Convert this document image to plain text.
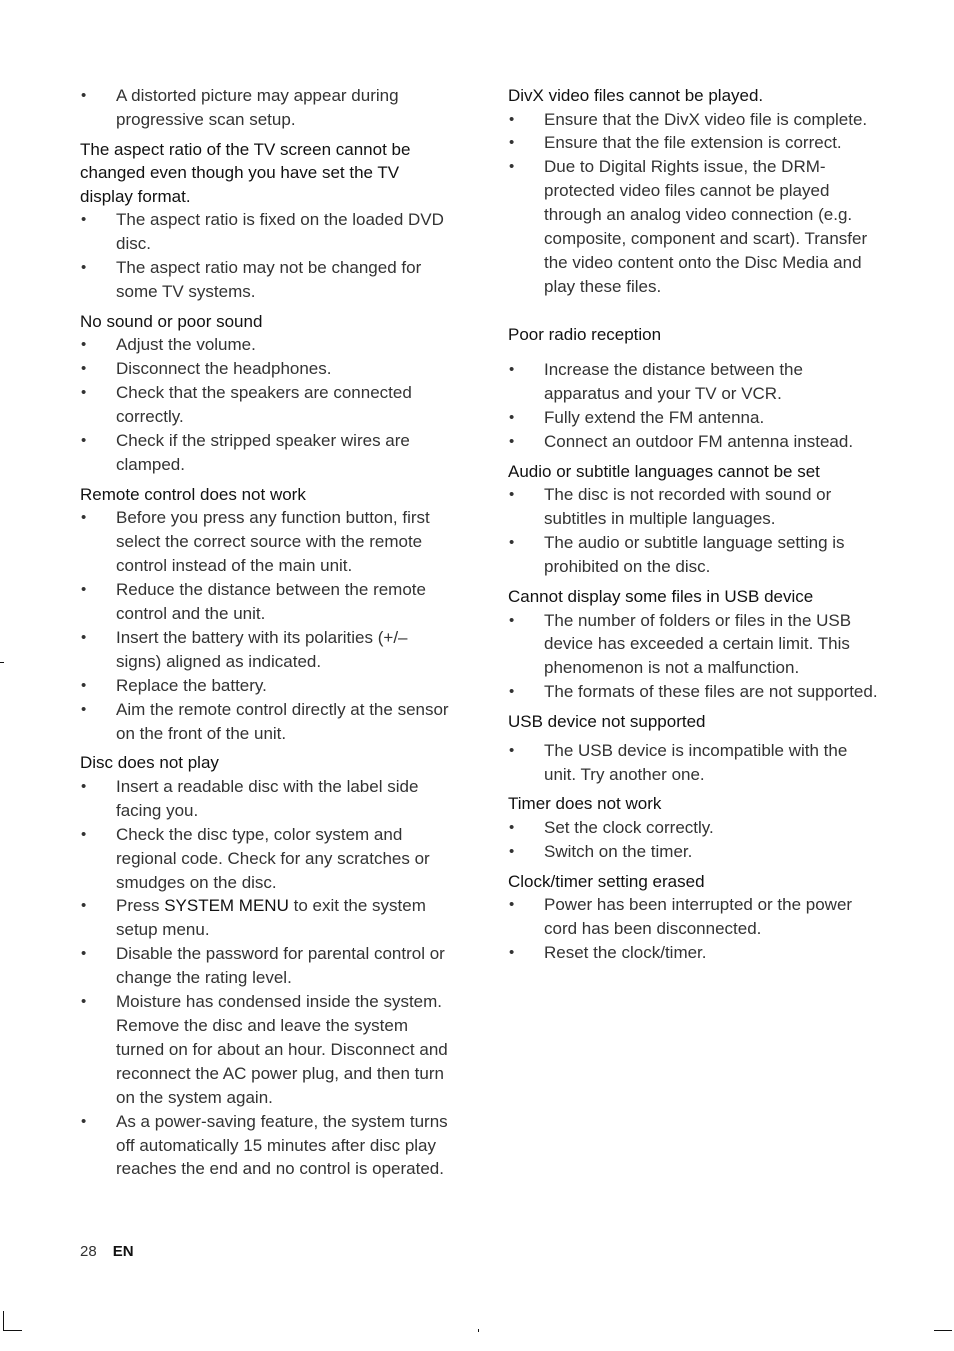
• A distorted picture may appear during progressive scan setup.

The aspect ratio of the TV screen cannot be changed even though you have set the TV display format.

• The aspect ratio is fixed on the loaded DVD disc.
• The aspect ratio may not be changed for some TV systems.

No sound or poor sound

• Adjust the volume.
• Disconnect the headphones.
• Check that the speakers are connected correctly.
• Check if the stripped speaker wires are clamped.

Remote control does not work

• Before you press any function button, first select the correct source with the remote control instead of the main unit.
• Reduce the distance between the remote control and the unit.
• Insert the battery with its polarities (+/– signs) aligned as indicated.
• Replace the battery.
• Aim the remote control directly at the sensor on the front of the unit.

Disc does not play

• Insert a readable disc with the label side facing you.
• Check the disc type, color system and regional code. Check for any scratches or smudges on the disc.
• Press SYSTEM MENU to exit the system setup menu.
• Disable the password for parental control or change the rating level.
• Moisture has condensed inside the system. Remove the disc and leave the system turned on for about an hour. Disconnect and reconnect the AC power plug, and then turn on the system again.
• As a power-saving feature, the system turns off automatically 15 minutes after disc play reaches the end and no control is operated.

DivX video files cannot be played.

• Ensure that the DivX video file is complete.
• Ensure that the file extension is correct.
• Due to Digital Rights issue, the DRM-protected video files cannot be played through an analog video connection (e.g. composite, component and scart). Transfer the video content onto the Disc Media and play these files.

Poor radio reception

• Increase the distance between the apparatus and your TV or VCR.
• Fully extend the FM antenna.
• Connect an outdoor FM antenna instead.

Audio or subtitle languages cannot be set

• The disc is not recorded with sound or subtitles in multiple languages.
• The audio or subtitle language setting is prohibited on the disc.

Cannot display some files in USB device

• The number of folders or files in the USB device has exceeded a certain limit. This phenomenon is not a malfunction.
• The formats of these files are not supported.

USB device not supported

• The USB device is incompatible with the unit. Try another one.

Timer does not work

• Set the clock correctly.
• Switch on the timer.

Clock/timer setting erased

• Power has been interrupted or the power cord has been disconnected.
• Reset the clock/timer.
28 EN
